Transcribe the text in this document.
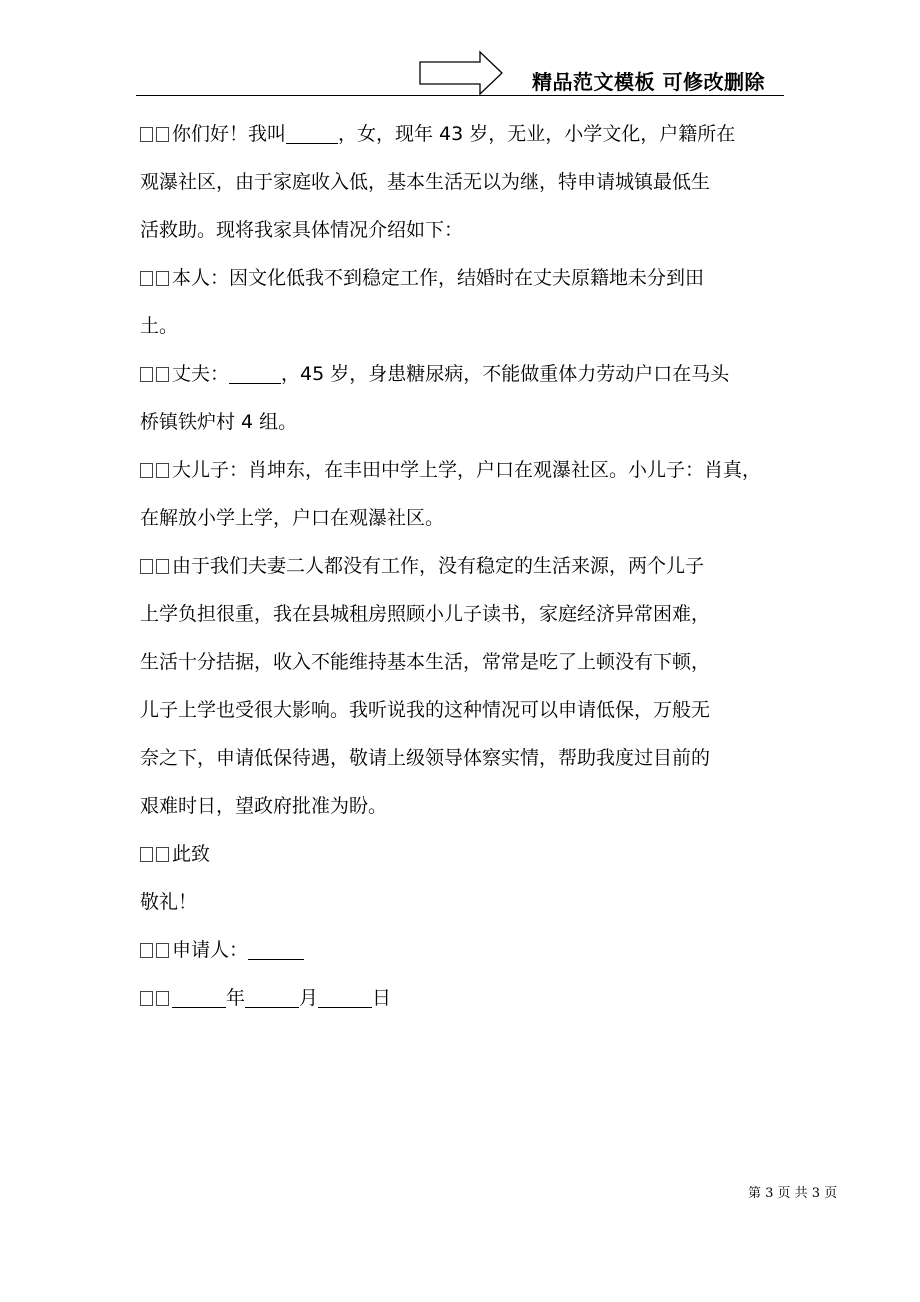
精品范文模板 可修改删除
你们好！我叫	，女，现年 43 岁，无业，小学文化，户籍所在
观瀑社区，由于家庭收入低，基本生活无以为继，特申请城镇最低生
活救助。现将我家具体情况介绍如下：
本人：因文化低我不到稳定工作，结婚时在丈夫原籍地未分到田
土。
丈夫：	，45 岁，身患糖尿病，不能做重体力劳动户口在马头
桥镇铁炉村 4 组。
大儿子：肖坤东，在丰田中学上学，户口在观瀑社区。小儿子：肖真，
在解放小学上学，户口在观瀑社区。
由于我们夫妻二人都没有工作，没有稳定的生活来源，两个儿子
上学负担很重，我在县城租房照顾小儿子读书，家庭经济异常困难，
生活十分拮据，收入不能维持基本生活，常常是吃了上顿没有下顿，
儿子上学也受很大影响。我听说我的这种情况可以申请低保，万般无
奈之下，申请低保待遇，敬请上级领导体察实情，帮助我度过目前的
艰难时日，望政府批准为盼。
此致
敬礼！
申请人：
年	月	日
第 3 页 共 3 页
